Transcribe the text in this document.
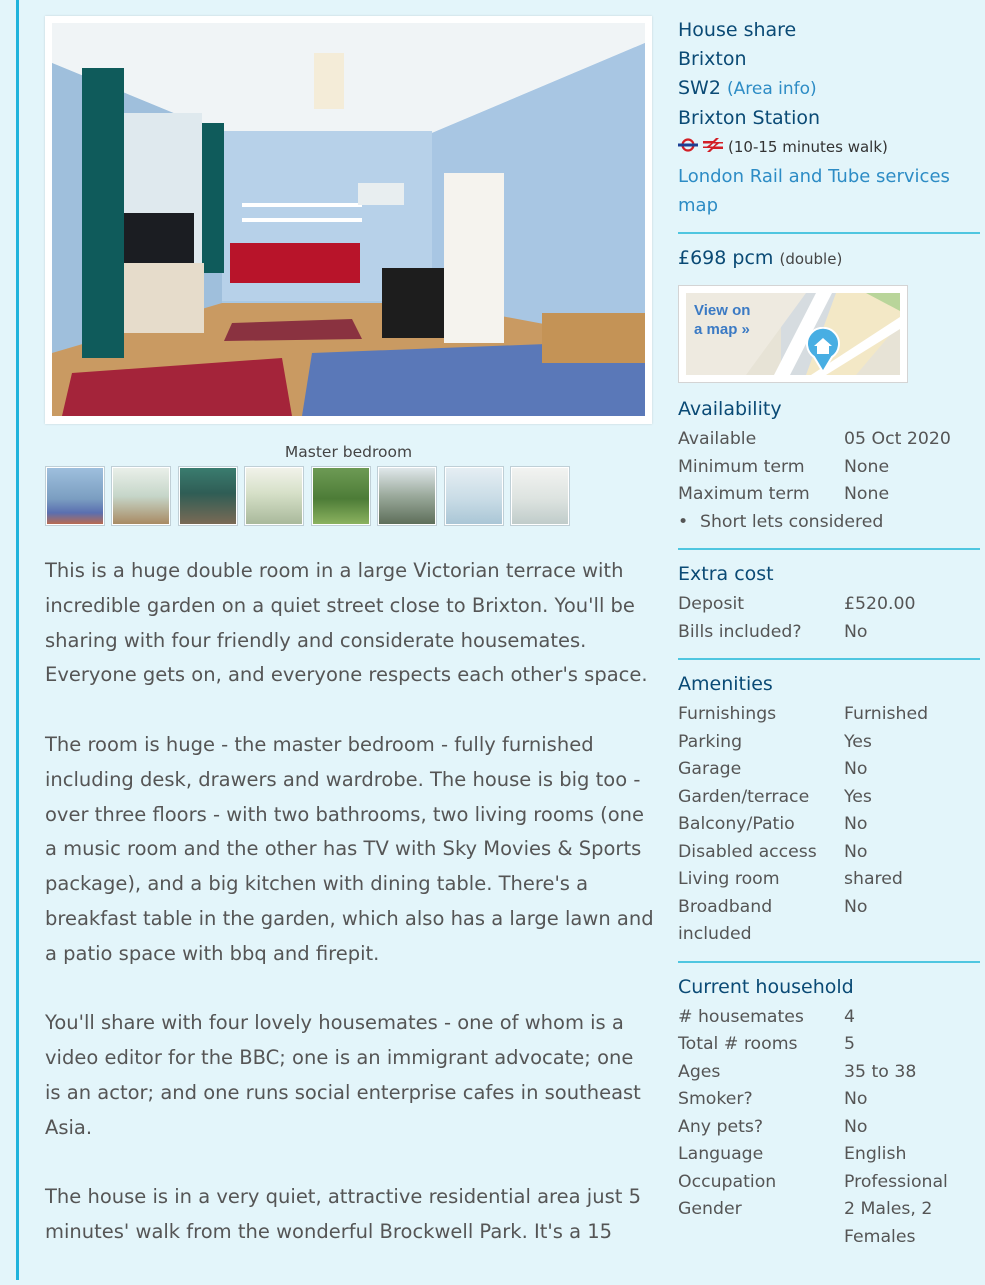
Master bedroom

This is a huge double room in a large Victorian terrace with incredible garden on a quiet street close to Brixton. You'll be sharing with four friendly and considerate housemates. Everyone gets on, and everyone respects each other's space.

The room is huge - the master bedroom - fully furnished including desk, drawers and wardrobe. The house is big too - over three floors - with two bathrooms, two living rooms (one a music room and the other has TV with Sky Movies & Sports package), and a big kitchen with dining table. There's a breakfast table in the garden, which also has a large lawn and a patio space with bbq and firepit.

You'll share with four lovely housemates - one of whom is a video editor for the BBC; one is an immigrant advocate; one is an actor; and one runs social enterprise cafes in southeast Asia.

The house is in a very quiet, attractive residential area just 5 minutes' walk from the wonderful Brockwell Park. It's a 15

House share
Brixton
SW2 (Area info)
Brixton Station
(10-15 minutes walk)
London Rail and Tube services map
£698 pcm (double)
View on
a map »
Availability
Available	05 Oct 2020
Minimum term	None
Maximum term	None
• Short lets considered
Extra cost
Deposit	£520.00
Bills included?	No
Amenities
Furnishings	Furnished
Parking	Yes
Garage	No
Garden/terrace	Yes
Balcony/Patio	No
Disabled access	No
Living room	shared
Broadband included	No
Current household
# housemates	4
Total # rooms	5
Ages	35 to 38
Smoker?	No
Any pets?	No
Language	English
Occupation	Professional
Gender	2 Males, 2 Females
